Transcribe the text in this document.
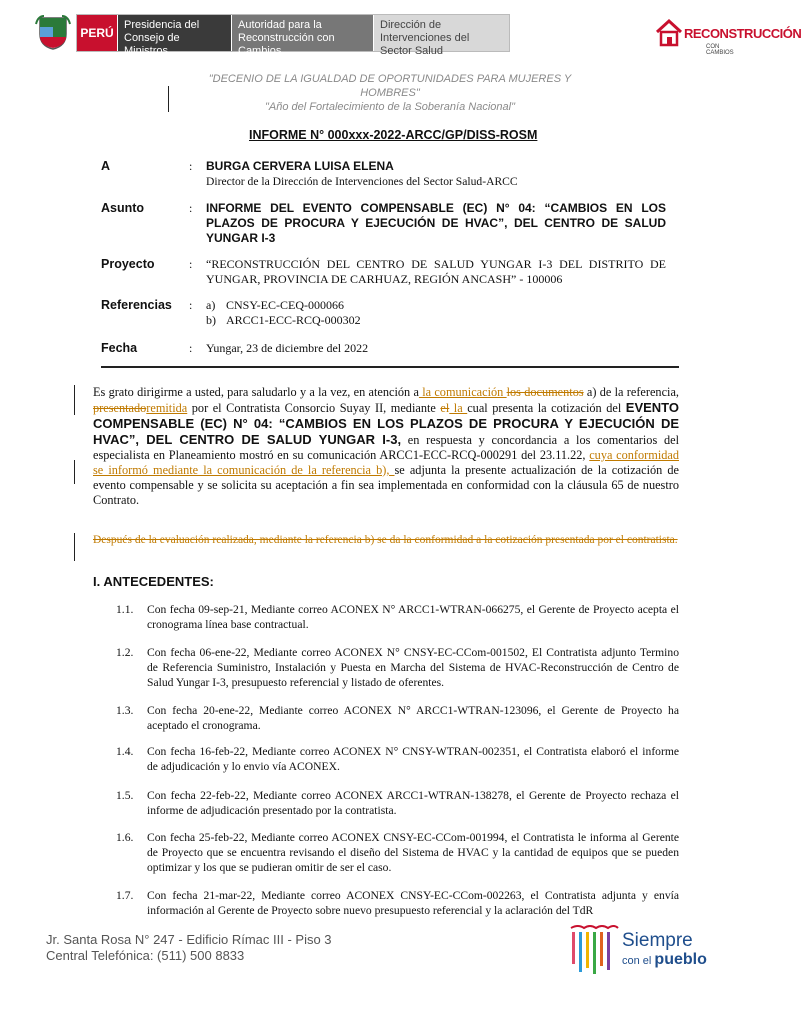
PERÚ
Presidencia del Consejo de Ministros
Autoridad para la Reconstrucción con Cambios
Dirección de Intervenciones del Sector Salud
RECONSTRUCCIÓN
CON CAMBIOS
"DECENIO DE LA IGUALDAD DE OPORTUNIDADES PARA MUJERES Y HOMBRES"
"Año del Fortalecimiento de la Soberanía Nacional"
INFORME N° 000xxx-2022-ARCC/GP/DISS-ROSM
A	:	BURGA CERVERA LUISA ELENA
Director de la Dirección de Intervenciones del Sector Salud-ARCC
Asunto	:	INFORME DEL EVENTO COMPENSABLE (EC) N° 04: “CAMBIOS EN LOS PLAZOS DE PROCURA Y EJECUCIÓN DE HVAC”, DEL CENTRO DE SALUD YUNGAR I-3
Proyecto	:	“RECONSTRUCCIÓN DEL CENTRO DE SALUD YUNGAR I-3 DEL DISTRITO DE YUNGAR, PROVINCIA DE CARHUAZ, REGIÓN ANCASH” - 100006
Referencias	:	a) CNSY-EC-CEQ-000066
b) ARCC1-ECC-RCQ-000302
Fecha	:	Yungar, 23 de diciembre del 2022
Es grato dirigirme a usted, para saludarlo y a la vez, en atención a la comunicación los documentos a) de la referencia, presentadoremitida por el Contratista Consorcio Suyay II, mediante el la cual presenta la cotización del EVENTO COMPENSABLE (EC) N° 04: “CAMBIOS EN LOS PLAZOS DE PROCURA Y EJECUCIÓN DE HVAC”, DEL CENTRO DE SALUD YUNGAR I-3, en respuesta y concordancia a los comentarios del especialista en Planeamiento mostró en su comunicación ARCC1-ECC-RCQ-000291 del 23.11.22, cuya conformidad se informó mediante la comunicación de la referencia b), se adjunta la presente actualización de la cotización de evento compensable y se solicita su aceptación a fin sea implementada en conformidad con la cláusula 65 de nuestro Contrato.
Después de la evaluación realizada, mediante la referencia b) se da la conformidad a la cotización presentada por el contratista.
I. ANTECEDENTES:
1.1.	Con fecha 09-sep-21, Mediante correo ACONEX N° ARCC1-WTRAN-066275, el Gerente de Proyecto acepta el cronograma línea base contractual.
1.2.	Con fecha 06-ene-22, Mediante correo ACONEX N° CNSY-EC-CCom-001502, El Contratista adjunto Termino de Referencia Suministro, Instalación y Puesta en Marcha del Sistema de HVAC-Reconstrucción de Centro de Salud Yungar I-3, presupuesto referencial y listado de oferentes.
1.3.	Con fecha 20-ene-22, Mediante correo ACONEX N° ARCC1-WTRAN-123096, el Gerente de Proyecto ha aceptado el cronograma.
1.4.	Con fecha 16-feb-22, Mediante correo ACONEX N° CNSY-WTRAN-002351, el Contratista elaboró el informe de adjudicación y lo envio vía ACONEX.
1.5.	Con fecha 22-feb-22, Mediante correo ACONEX ARCC1-WTRAN-138278, el Gerente de Proyecto rechaza el informe de adjudicación presentado por la contratista.
1.6.	Con fecha 25-feb-22, Mediante correo ACONEX CNSY-EC-CCom-001994, el Contratista le informa al Gerente de Proyecto que se encuentra revisando el diseño del Sistema de HVAC y la cantidad de equipos que se pueden optimizar y los que se pudieran omitir de ser el caso.
1.7.	Con fecha 21-mar-22, Mediante correo ACONEX CNSY-EC-CCom-002263, el Contratista adjunta y envía información al Gerente de Proyecto sobre nuevo presupuesto referencial y la aclaración del TdR
Jr. Santa Rosa N° 247 - Edificio Rímac III - Piso 3
Central Telefónica: (511) 500 8833
Siempre
con el pueblo
